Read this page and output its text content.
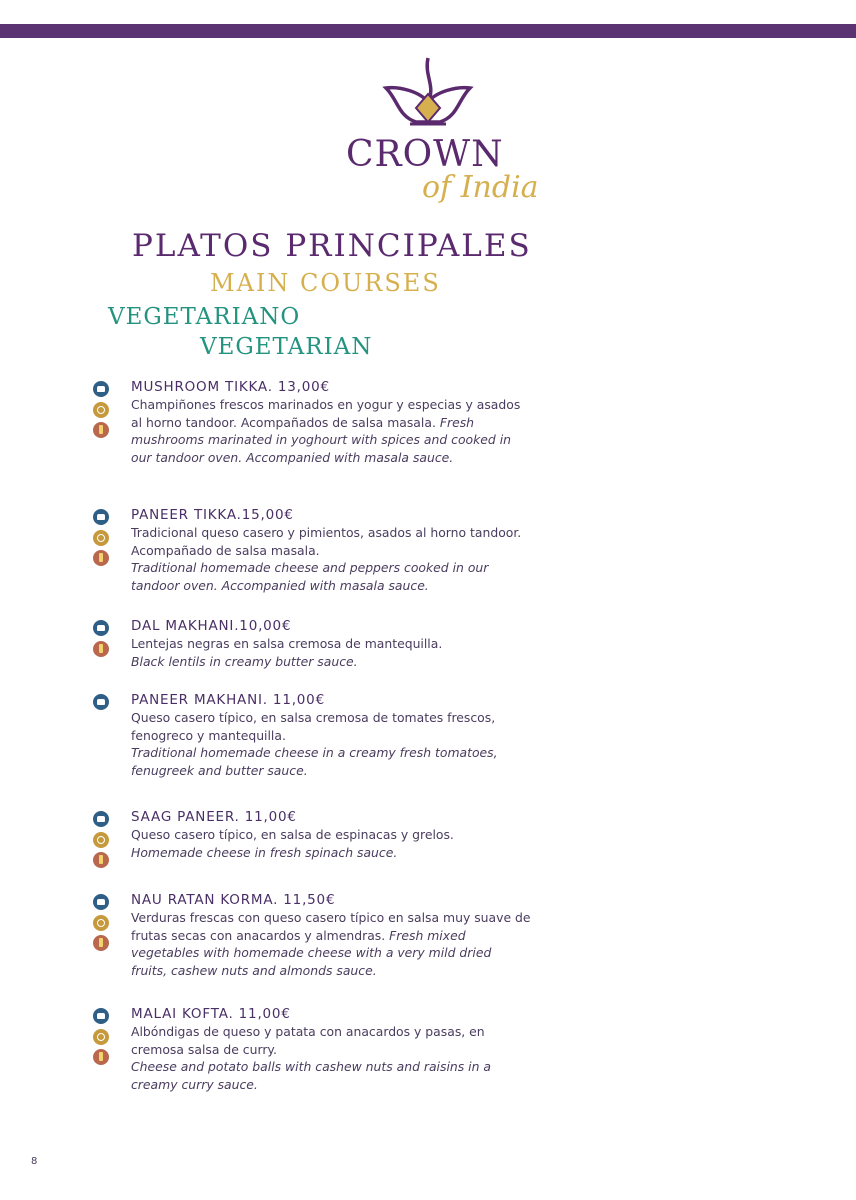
CROWN
of India
PLATOS PRINCIPALES
MAIN COURSES
VEGETARIANO
VEGETARIAN
MUSHROOM TIKKA. 13,00€
Champiñones frescos marinados en yogur y especias y asados al horno tandoor. Acompañados de salsa masala. Fresh mushrooms marinated in yoghourt with spices and cooked in our tandoor oven. Accompanied with masala sauce.
PANEER TIKKA.15,00€
Tradicional queso casero y pimientos, asados al horno tandoor. Acompañado de salsa masala.
Traditional homemade cheese and peppers cooked in our tandoor oven. Accompanied with masala sauce.
DAL MAKHANI.10,00€
Lentejas negras en salsa cremosa de mantequilla.
Black lentils in creamy butter sauce.
PANEER MAKHANI. 11,00€
Queso casero típico, en salsa cremosa de tomates frescos, fenogreco y mantequilla.
Traditional homemade cheese in a creamy fresh tomatoes, fenugreek and butter sauce.
SAAG PANEER. 11,00€
Queso casero típico, en salsa de espinacas y grelos.
Homemade cheese in fresh spinach sauce.
NAU RATAN KORMA. 11,50€
Verduras frescas con queso casero típico en salsa muy suave de frutas secas con anacardos y almendras. Fresh mixed vegetables with homemade cheese with a very mild dried fruits, cashew nuts and almonds sauce.
MALAI KOFTA. 11,00€
Albóndigas de queso y patata con anacardos y pasas, en cremosa salsa de curry.
Cheese and potato balls with cashew nuts and raisins in a creamy curry sauce.
8
